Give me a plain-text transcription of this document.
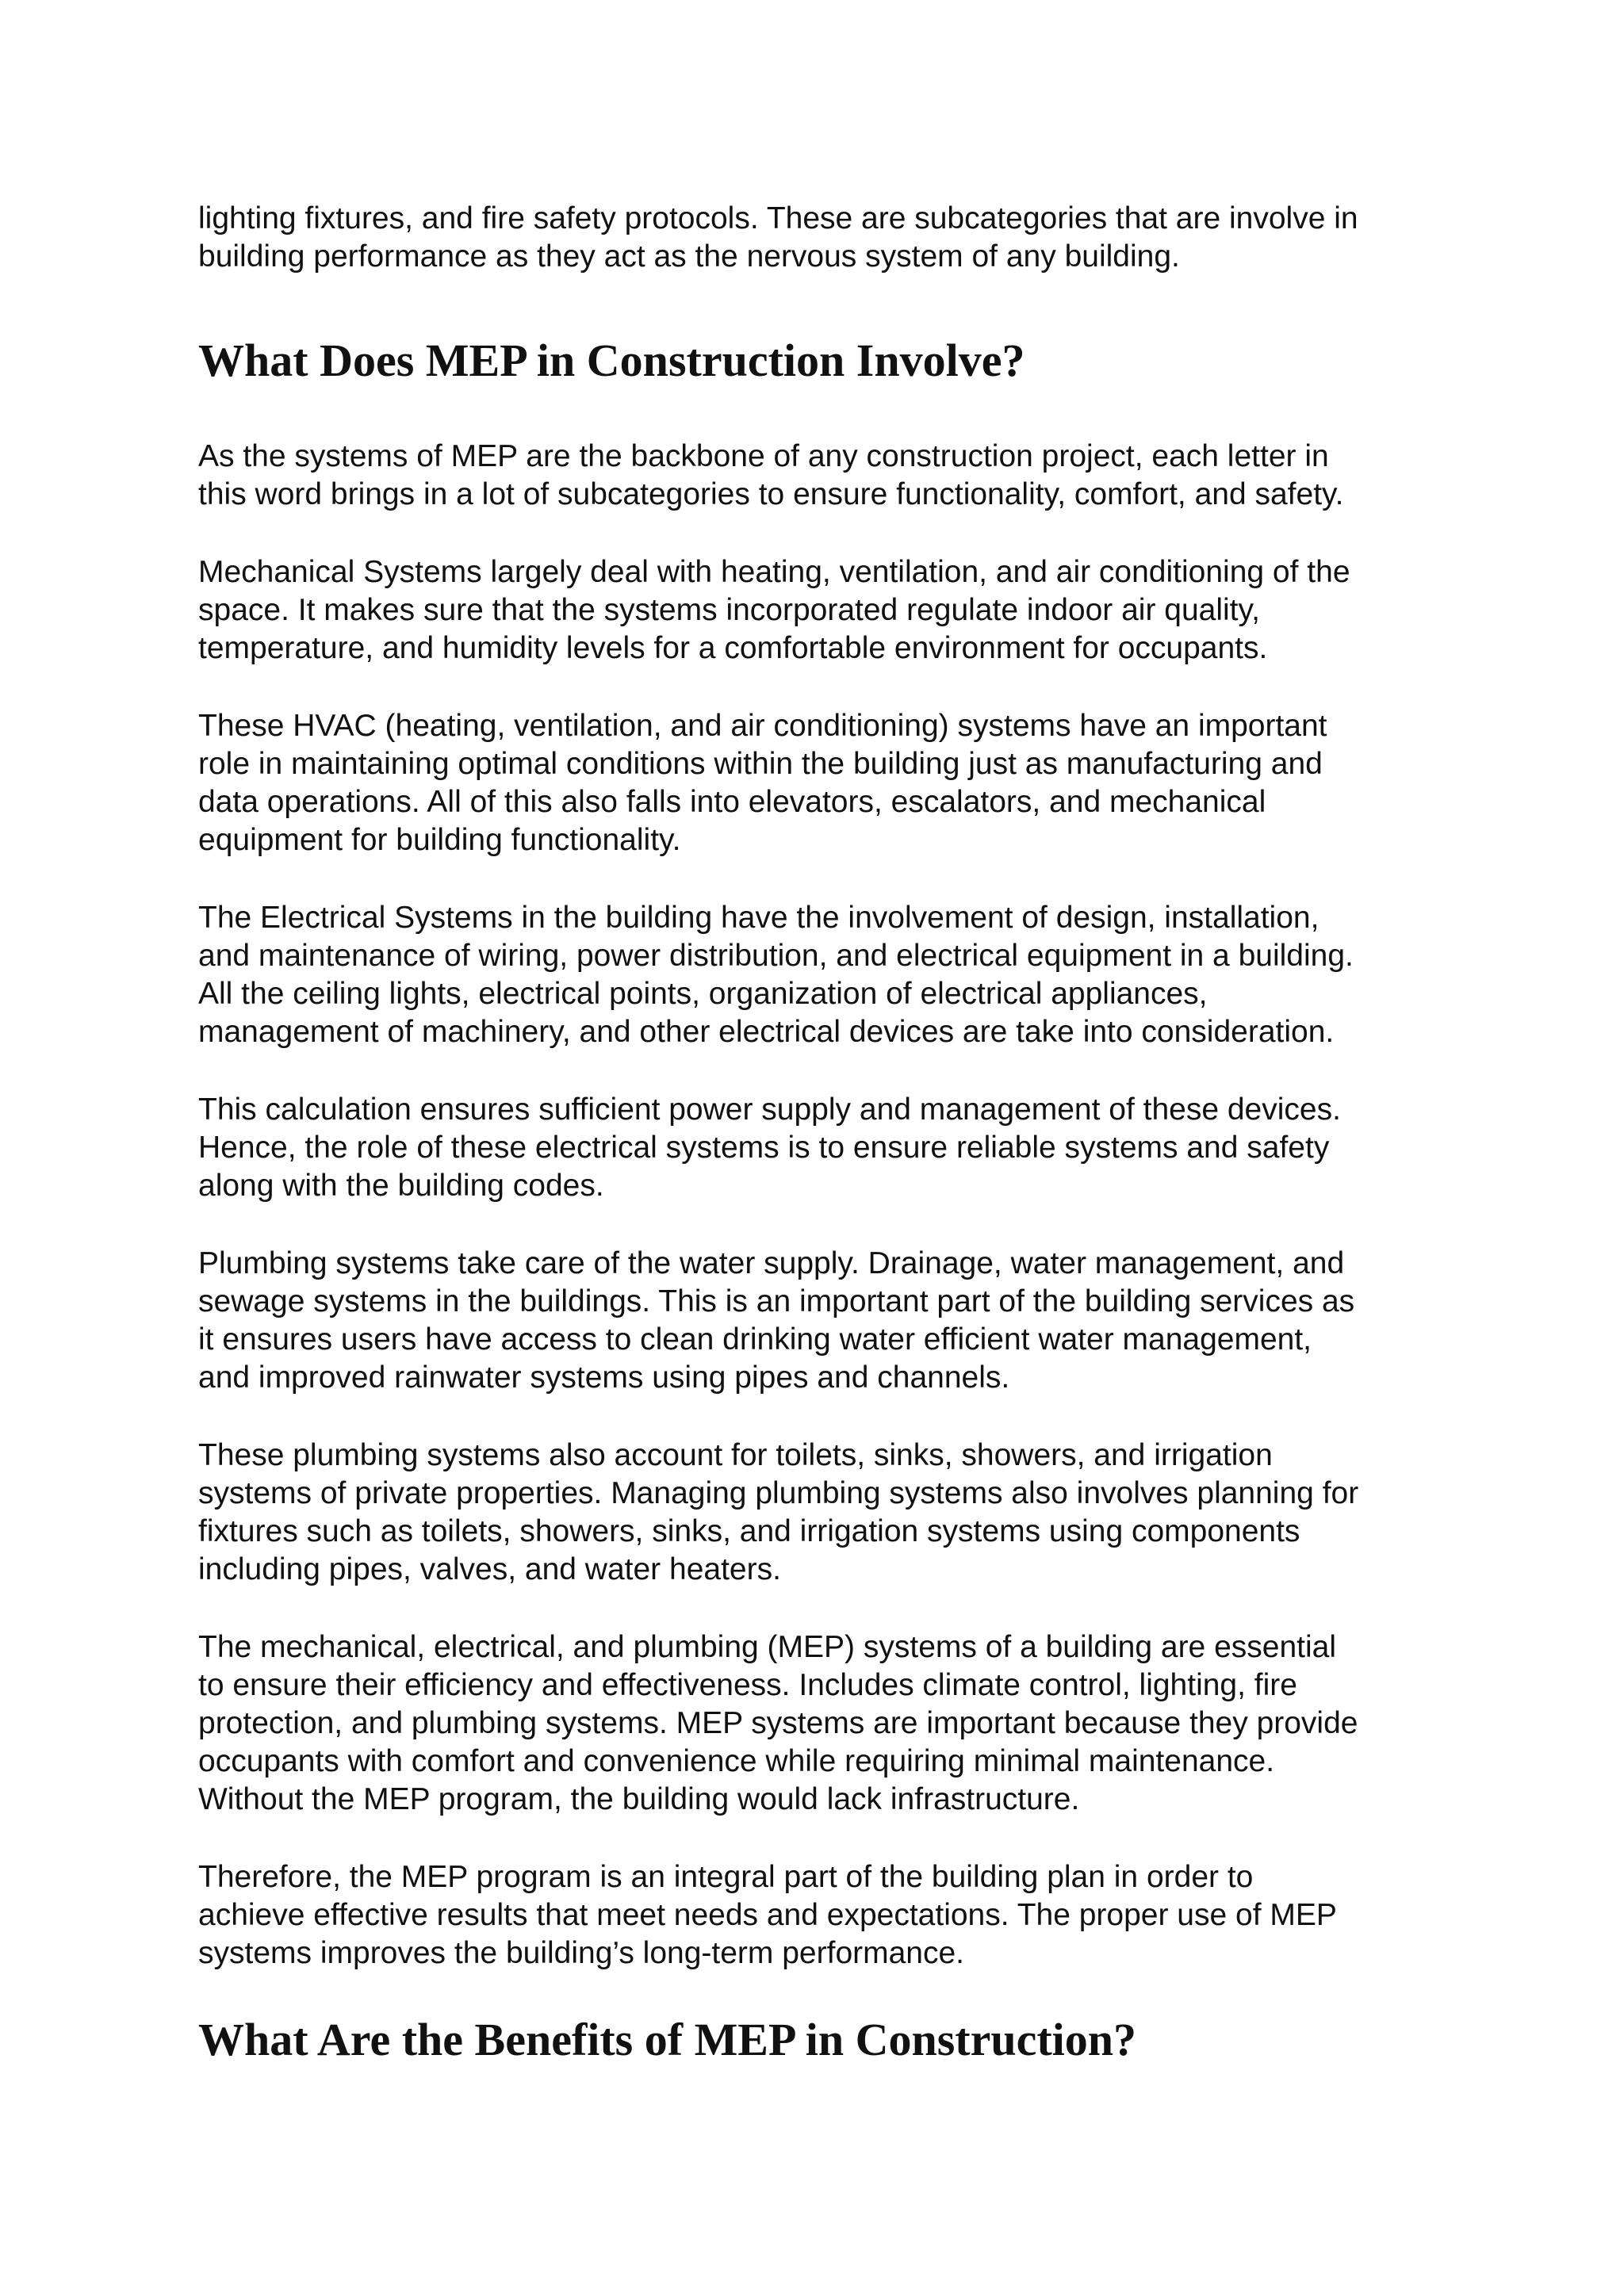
lighting fixtures, and fire safety protocols. These are subcategories that are involve in
building performance as they act as the nervous system of any building.

What Does MEP in Construction Involve?

As the systems of MEP are the backbone of any construction project, each letter in
this word brings in a lot of subcategories to ensure functionality, comfort, and safety.

Mechanical Systems largely deal with heating, ventilation, and air conditioning of the
space. It makes sure that the systems incorporated regulate indoor air quality,
temperature, and humidity levels for a comfortable environment for occupants.

These HVAC (heating, ventilation, and air conditioning) systems have an important
role in maintaining optimal conditions within the building just as manufacturing and
data operations. All of this also falls into elevators, escalators, and mechanical
equipment for building functionality.

The Electrical Systems in the building have the involvement of design, installation,
and maintenance of wiring, power distribution, and electrical equipment in a building.
All the ceiling lights, electrical points, organization of electrical appliances,
management of machinery, and other electrical devices are take into consideration.

This calculation ensures sufficient power supply and management of these devices.
Hence, the role of these electrical systems is to ensure reliable systems and safety
along with the building codes.

Plumbing systems take care of the water supply. Drainage, water management, and
sewage systems in the buildings. This is an important part of the building services as
it ensures users have access to clean drinking water efficient water management,
and improved rainwater systems using pipes and channels.

These plumbing systems also account for toilets, sinks, showers, and irrigation
systems of private properties. Managing plumbing systems also involves planning for
fixtures such as toilets, showers, sinks, and irrigation systems using components
including pipes, valves, and water heaters.

The mechanical, electrical, and plumbing (MEP) systems of a building are essential
to ensure their efficiency and effectiveness. Includes climate control, lighting, fire
protection, and plumbing systems. MEP systems are important because they provide
occupants with comfort and convenience while requiring minimal maintenance.
Without the MEP program, the building would lack infrastructure.

Therefore, the MEP program is an integral part of the building plan in order to
achieve effective results that meet needs and expectations. The proper use of MEP
systems improves the building’s long-term performance.

What Are the Benefits of MEP in Construction?
